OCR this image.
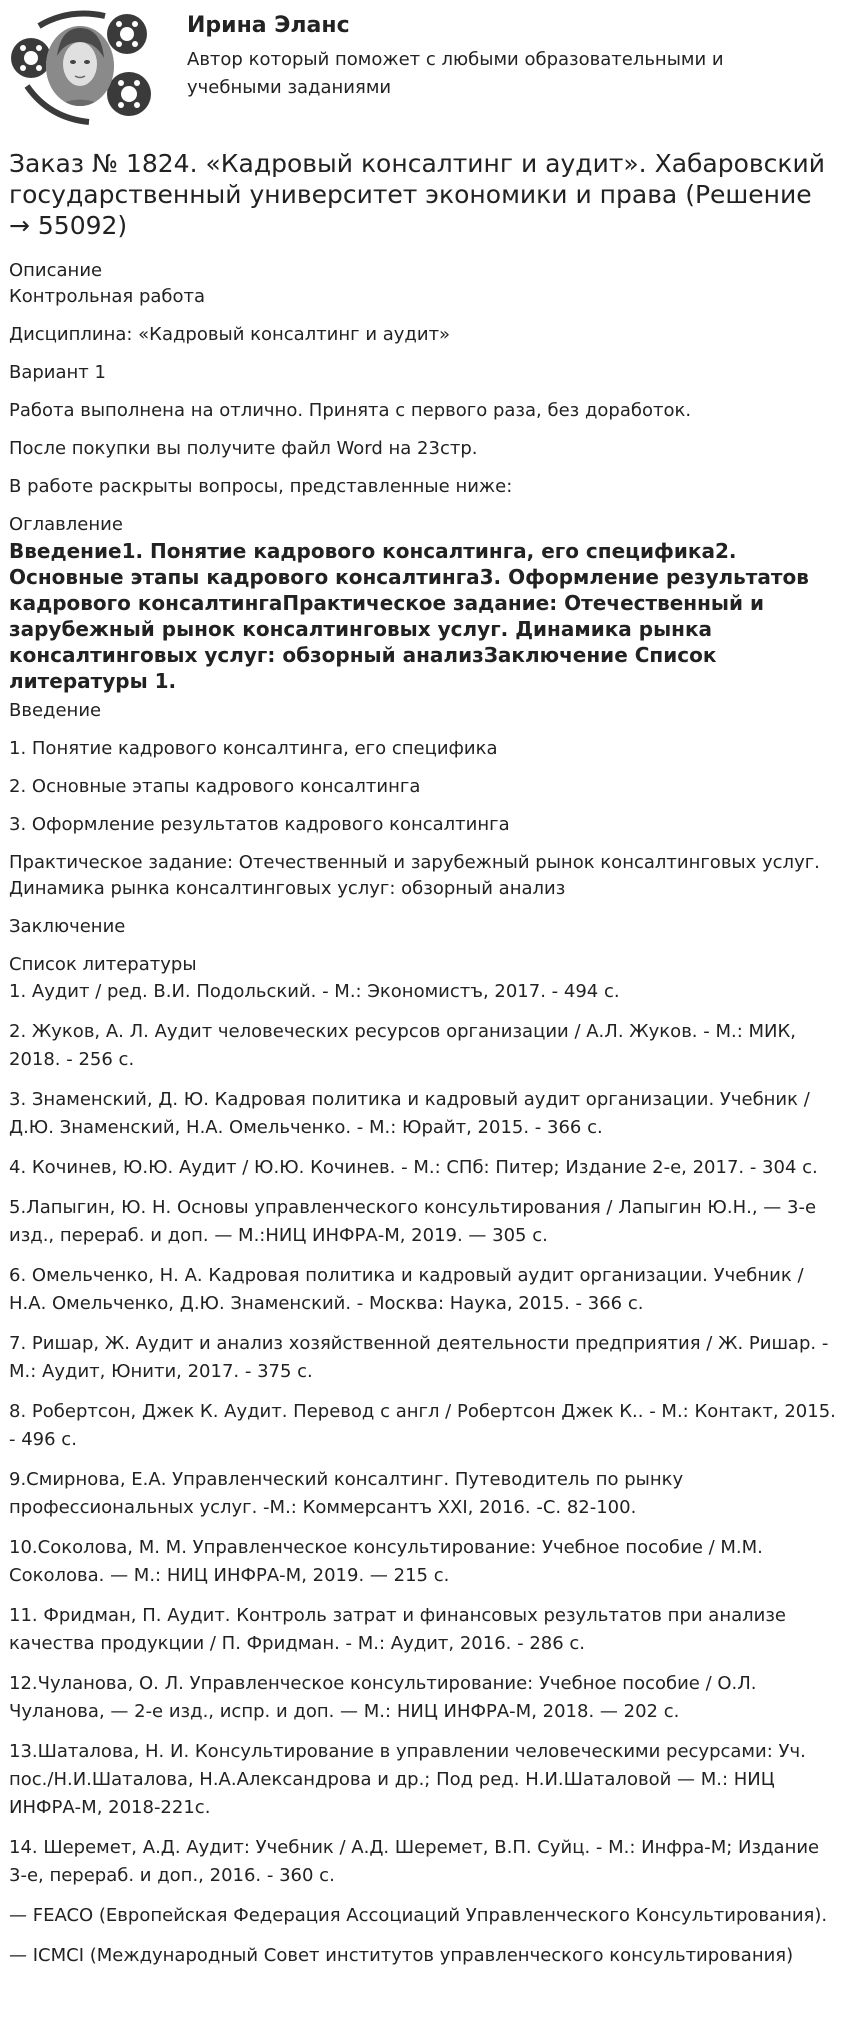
Ирина Эланс
Автор который поможет с любыми образовательными и учебными заданиями
Заказ № 1824. «Кадровый консалтинг и аудит». Хабаровский государственный университет экономики и права (Решение → 55092)

Описание

Контрольная работа

Дисциплина: «Кадровый консалтинг и аудит»

Вариант 1

Работа выполнена на отлично. Принята с первого раза, без доработок.

После покупки вы получите файл Word на 23стр.

В работе раскрыты вопросы, представленные ниже:

Оглавление

Введение1. Понятие кадрового консалтинга, его специфика2. Основные этапы кадрового консалтинга3. Оформление результатов кадрового консалтингаПрактическое задание: Отечественный и зарубежный рынок консалтинговых услуг. Динамика рынка консалтинговых услуг: обзорный анализЗаключение Список литературы 1.

Введение

1. Понятие кадрового консалтинга, его специфика

2. Основные этапы кадрового консалтинга

3. Оформление результатов кадрового консалтинга

Практическое задание: Отечественный и зарубежный рынок консалтинговых услуг. Динамика рынка консалтинговых услуг: обзорный анализ

Заключение

Список литературы

1. Аудит / ред. В.И. Подольский. - М.: Экономистъ, 2017. - 494 с.

2. Жуков, А. Л. Аудит человеческих ресурсов организации / А.Л. Жуков. - М.: МИК, 2018. - 256 с.

3. Знаменский, Д. Ю. Кадровая политика и кадровый аудит организации. Учебник / Д.Ю. Знаменский, Н.А. Омельченко. - М.: Юрайт, 2015. - 366 с.

4. Кочинев, Ю.Ю. Аудит / Ю.Ю. Кочинев. - М.: СПб: Питер; Издание 2-е, 2017. - 304 с.

5.Лапыгин, Ю. Н. Основы управленческого консультирования / Лапыгин Ю.Н., — 3-е изд., перераб. и доп. — М.:НИЦ ИНФРА-М, 2019. — 305 с.

6. Омельченко, Н. А. Кадровая политика и кадровый аудит организации. Учебник / Н.А. Омельченко, Д.Ю. Знаменский. - Москва: Наука, 2015. - 366 с.

7. Ришар, Ж. Аудит и анализ хозяйственной деятельности предприятия / Ж. Ришар. - М.: Аудит, Юнити, 2017. - 375 с.

8. Робертсон, Джек К. Аудит. Перевод с англ / Робертсон Джек К.. - М.: Контакт, 2015. - 496 с.

9.Смирнова, Е.А. Управленческий консалтинг. Путеводитель по рынку профессиональных услуг. -М.: Коммерсантъ XXI, 2016. -С. 82-100.

10.Соколова, М. М. Управленческое консультирование: Учебное пособие / М.М. Соколова. — М.: НИЦ ИНФРА-М, 2019. — 215 с.

11. Фридман, П. Аудит. Контроль затрат и финансовых результатов при анализе качества продукции / П. Фридман. - М.: Аудит, 2016. - 286 с.

12.Чуланова, О. Л. Управленческое консультирование: Учебное пособие / О.Л. Чуланова, — 2-е изд., испр. и доп. — М.: НИЦ ИНФРА-М, 2018. — 202 с.

13.Шаталова, Н. И. Консультирование в управлении человеческими ресурсами: Уч. пос./Н.И.Шаталова, Н.А.Александрова и др.; Под ред. Н.И.Шаталовой — М.: НИЦ ИНФРА-М, 2018-221с.

14. Шеремет, А.Д. Аудит: Учебник / А.Д. Шеремет, В.П. Суйц. - М.: Инфра-М; Издание 3-е, перераб. и доп., 2016. - 360 с.

— FEACO (Европейская Федерация Ассоциаций Управленческого Консультирования).

— ICMCI (Международный Совет институтов управленческого консультирования)
